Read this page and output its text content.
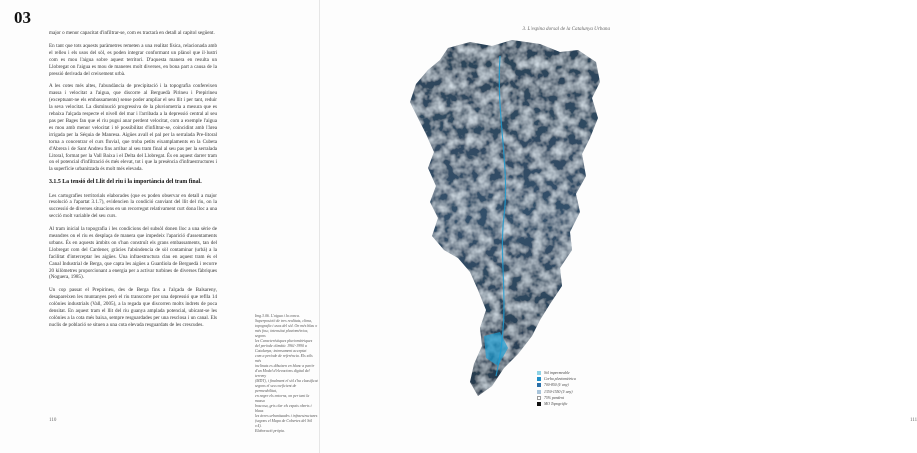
03

major o menor capacitat d'infiltrar-se, com es tractarà en detall al capítol següent.

En tant que tots aquests paràmetres remeten a una realitat física, relacionada amb el relleu i els usos del sòl, es poden integrar conformant un plànol que il·lustri com es mou l'aigua sobre aquest territori. D'aquesta manera en resulta un Llobregat on l'aigua es mou de maneres molt diverses, en bona part a causa de la pressió derivada del creixement urbà.

A les cotes més altes, l'abundància de precipitació i la topografia confereixen massa i velocitat a l'aigua, que discorre al Berguedà Pirineu i Prepirineu (exceptuant-ne els embassaments) sense poder ampliar el seu llit i per tant, reduir la seva velocitat. La disminució progressiva de la pluviometria a mesura que es rebaixa l'alçada respecte el nivell del mar i l'arribada a la depressió central al seu pas per Bages fan que el riu pugui anar perdent velocitat, com a exemple l'aigua es mou amb menor velocitat i té possibilitat d'infiltrar-se, coincidint amb l'àrea irrigada per la Séquia de Manresa. Aigües avall el pal per la serralada Pre-litoral torna a concentrar el curs fluvial, que troba petits eixamplaments en la Cubeta d'Abrera i de Sant Andreu fins arribar al seu tram final al seu pas per la serralada Litoral, format per la Vall Baixa i el Delta del Llobregat. És en aquest darrer tram on el potencial d'infiltració és més elevat, tot i que la presència d'infraestructures i la superfície urbanitzada és molt més elevada.

3.1.5 La tensió del Llit del riu i la importància del tram final.

Les cartografies territorials elaborades (que es poden observar en detall a major resolució a l'apartat 3.1.7), evidencien la condició canviant del llit del riu, on la successió de diverses situacions en un recorregut relativament curt dona lloc a una secció molt variable del seu curs.

Al tram inicial la topografia i les condicions del subsòl donen lloc a una sèrie de meandres on el riu es desplaça de manera que impedeix l'aparició d'assentaments urbans. És en aquests àmbits on s'han construït els grans embassaments, tan del Llobregat com del Cardener, grâcies l'abúndencia de sòl contaminar (urbà) a la facilitat d'interceptar les aigües. Una infraestructura clau en aquest tram és el Canal Industrial de Berga, que capta les aigües a Guardiola de Berguedà i recorre 20 kilòmetres proporcionant a energia per a activar turbines de diverses fàbriques (Noguera, 1985).

Un cop passat el Prepirineu, des de Berga fins a l'alçada de Balsareny, desapareixen les muntanyes però el riu transcorre per una depressió que reflla 14 colònies industrials (Vall, 2005), a la regada que discorren molts indrets de poca densitat. En aquest tram el llit del riu guanya amplada potencial, ubicant-se les colònies a la cota més baixa, sempre resguardades per una resclosa i un canal. Els nuclis de població se situen a una cota elevada resguardats de les crescudes.

110
3. L'espina dorsal de la Catalunya Urbana
111
Img.3.06. L'aigua i la conca.
Superposició de tres realitats, clima,
topografia i usos del sòl. On més blau o
més fosc, intensitat pluviomètrica, segons
les Característiques pluviomètriques
del període climàtic 1961-1990 a
Catalunya; intensament acceptat
com a període de referència. Els sòls més
inclinats es dibuixen en blanc a partir
d'un Model d'elevacions digital del terreny
(MDT), i finalment el sòl s'ha classificat
segons el seu coeficient de permeabilitat,
en negre els entorns, on per tant la massa
boscosa, gris clar els espais oberts i blaus
les àrees urbanitzades i infraestructures
(segons el Mapa de Cobertes del Sòl v.4).
Elaboració pròpia.
Sòl impermeable
Corba pluviomètrica
700-850 (l/ any)
1350-1550 (l/ any)
75% pendent
MO Topogràfic
